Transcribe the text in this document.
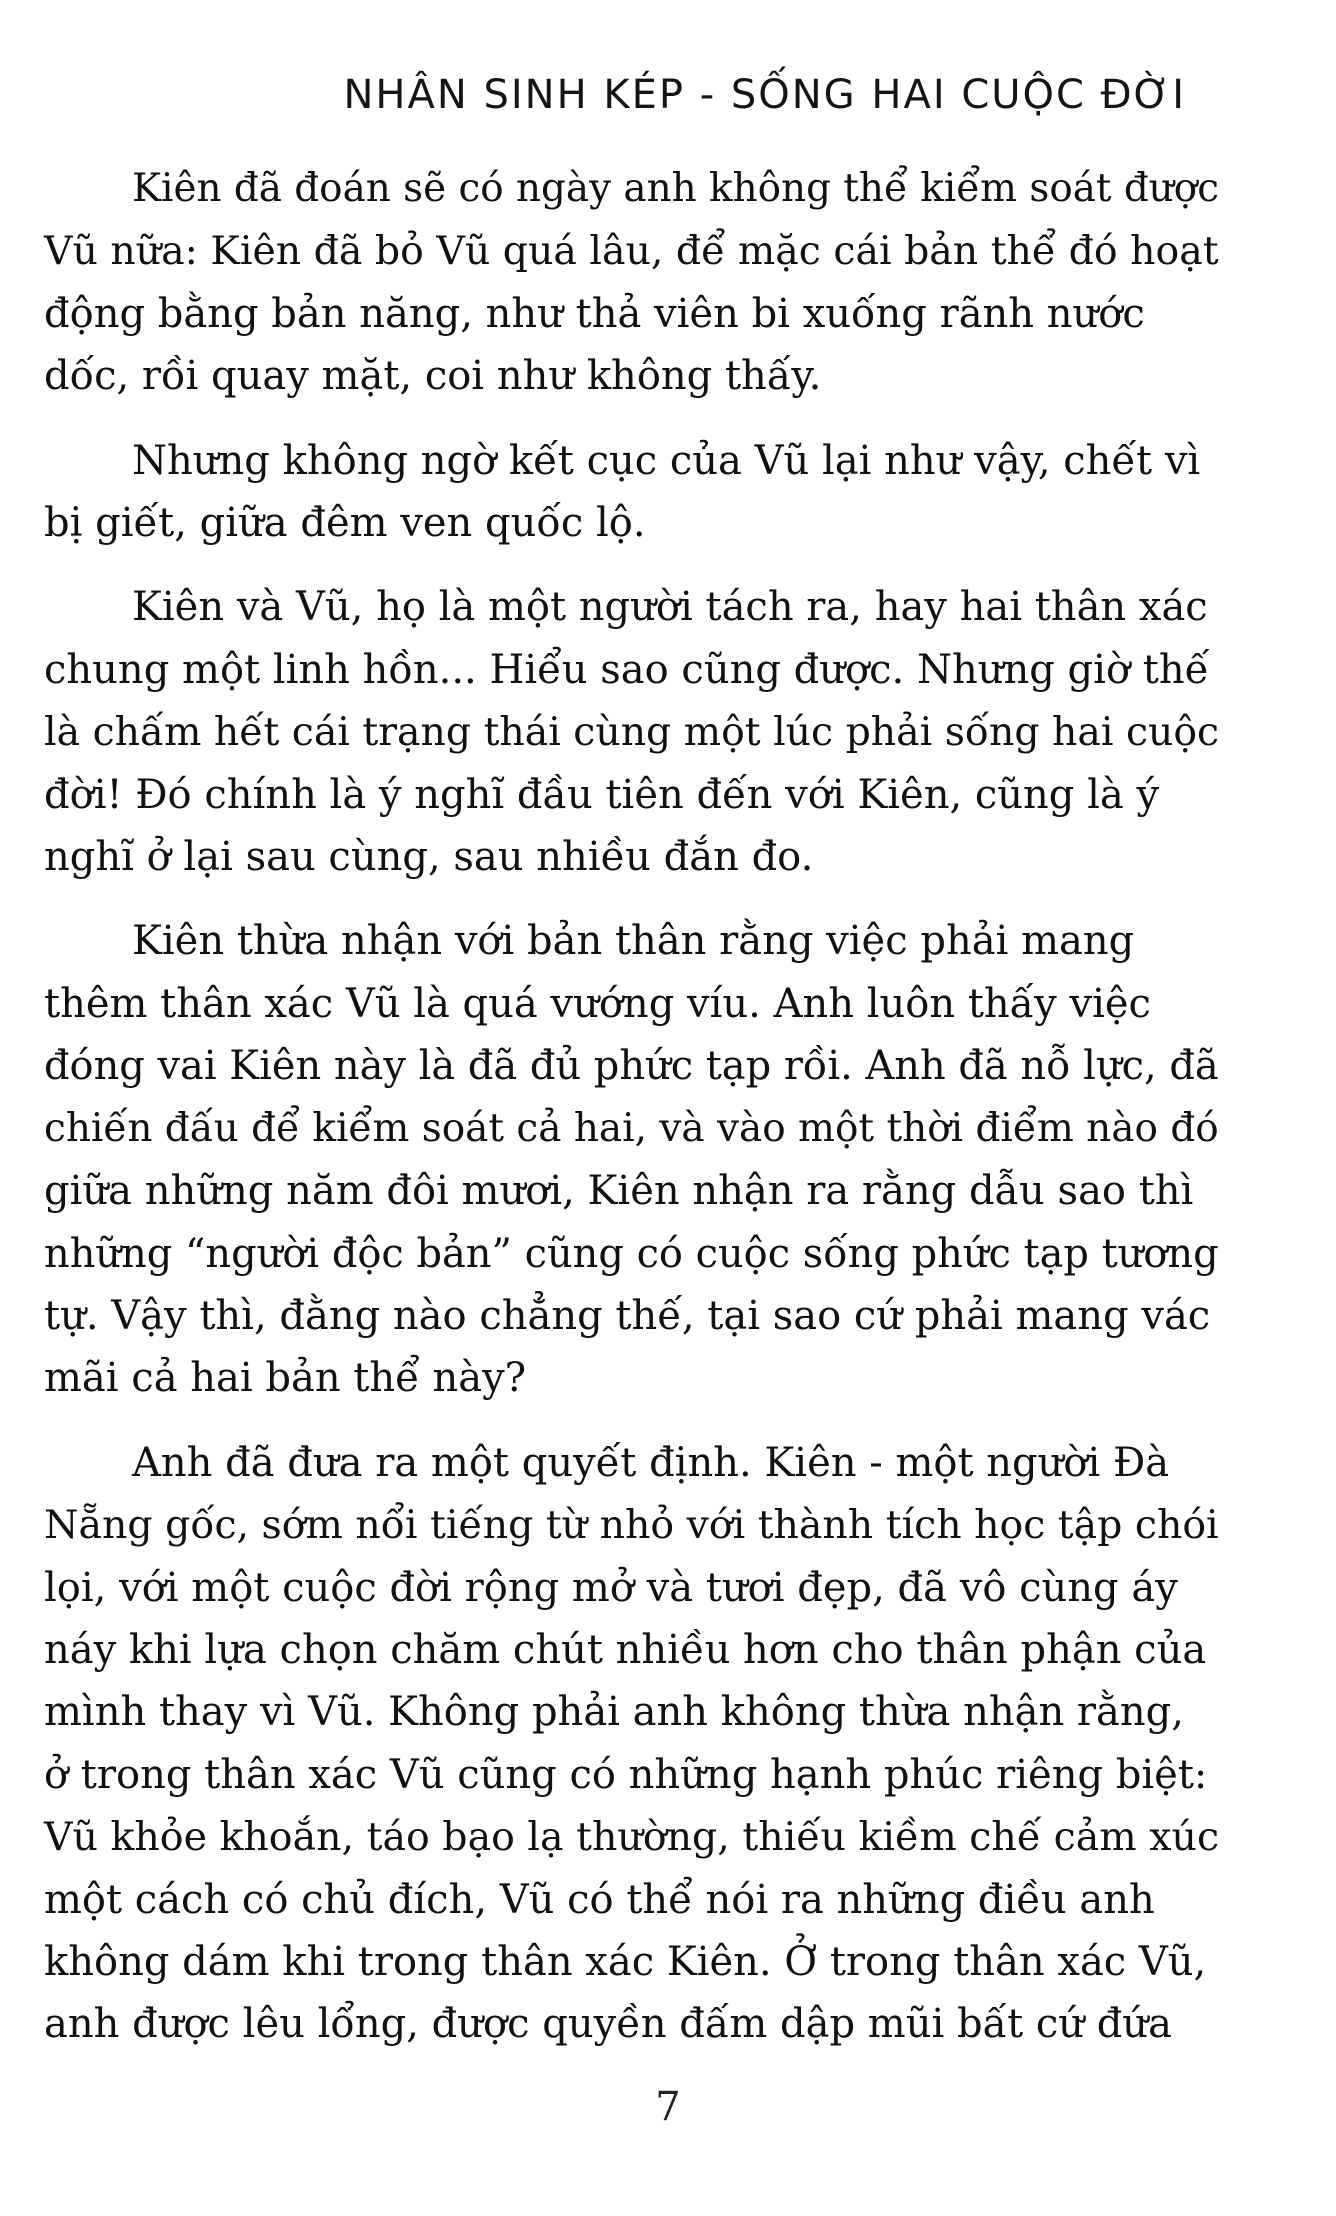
NHÂN SINH KÉP - SỐNG HAI CUỘC ĐỜI

Kiên đã đoán sẽ có ngày anh không thể kiểm soát được
Vũ nữa: Kiên đã bỏ Vũ quá lâu, để mặc cái bản thể đó hoạt
động bằng bản năng, như thả viên bi xuống rãnh nước
dốc, rồi quay mặt, coi như không thấy.

Nhưng không ngờ kết cục của Vũ lại như vậy, chết vì
bị giết, giữa đêm ven quốc lộ.

Kiên và Vũ, họ là một người tách ra, hay hai thân xác
chung một linh hồn... Hiểu sao cũng được. Nhưng giờ thế
là chấm hết cái trạng thái cùng một lúc phải sống hai cuộc
đời! Đó chính là ý nghĩ đầu tiên đến với Kiên, cũng là ý
nghĩ ở lại sau cùng, sau nhiều đắn đo.

Kiên thừa nhận với bản thân rằng việc phải mang
thêm thân xác Vũ là quá vướng víu. Anh luôn thấy việc
đóng vai Kiên này là đã đủ phức tạp rồi. Anh đã nỗ lực, đã
chiến đấu để kiểm soát cả hai, và vào một thời điểm nào đó
giữa những năm đôi mươi, Kiên nhận ra rằng dẫu sao thì
những “người độc bản” cũng có cuộc sống phức tạp tương
tự. Vậy thì, đằng nào chẳng thế, tại sao cứ phải mang vác
mãi cả hai bản thể này?

Anh đã đưa ra một quyết định. Kiên - một người Đà
Nẵng gốc, sớm nổi tiếng từ nhỏ với thành tích học tập chói
lọi, với một cuộc đời rộng mở và tươi đẹp, đã vô cùng áy
náy khi lựa chọn chăm chút nhiều hơn cho thân phận của
mình thay vì Vũ. Không phải anh không thừa nhận rằng,
ở trong thân xác Vũ cũng có những hạnh phúc riêng biệt:
Vũ khỏe khoắn, táo bạo lạ thường, thiếu kiềm chế cảm xúc
một cách có chủ đích, Vũ có thể nói ra những điều anh
không dám khi trong thân xác Kiên. Ở trong thân xác Vũ,
anh được lêu lổng, được quyền đấm dập mũi bất cứ đứa

7
